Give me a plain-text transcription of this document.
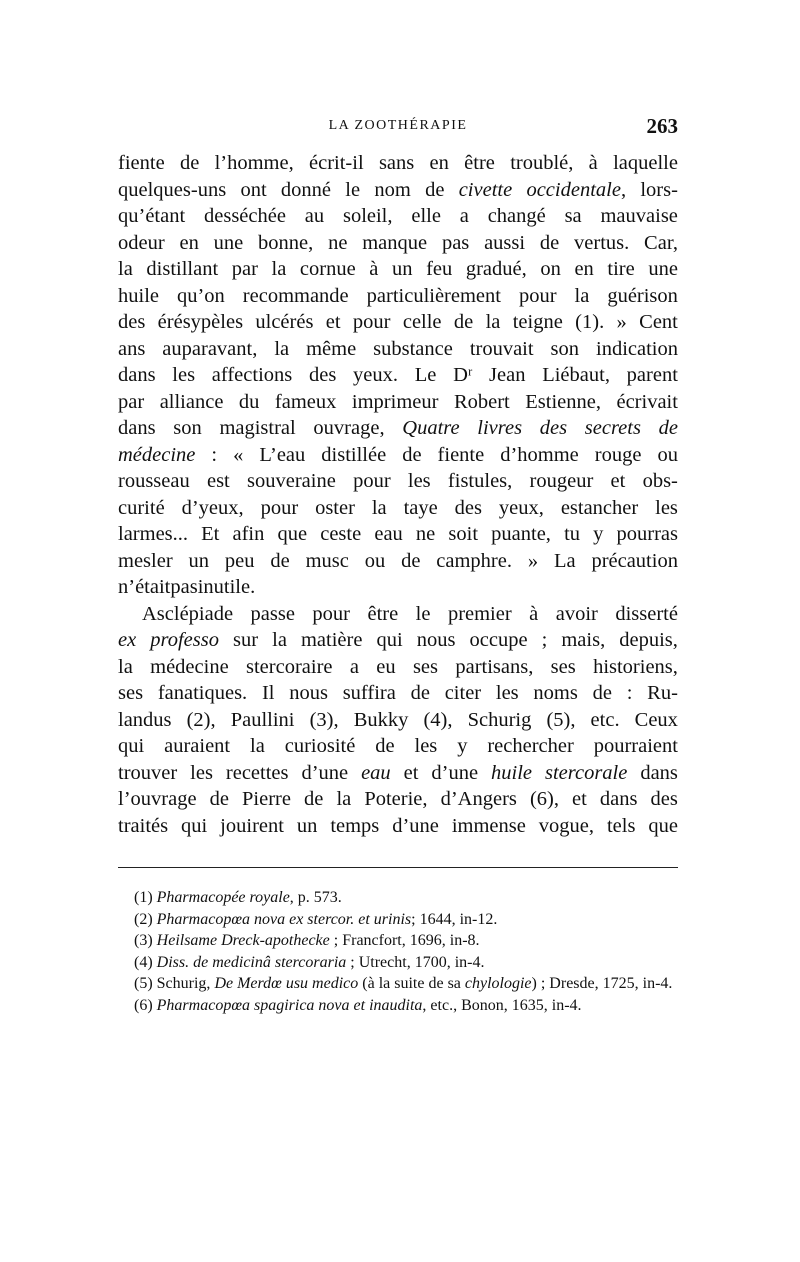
LA ZOOTHÉRAPIE	263
fiente de l’homme, écrit-il sans en être troublé, à laquelle
quelques-uns ont donné le nom de civette occidentale, lors-
qu’étant desséchée au soleil, elle a changé sa mauvaise
odeur en une bonne, ne manque pas aussi de vertus. Car,
la distillant par la cornue à un feu gradué, on en tire une
huile qu’on recommande particulièrement pour la guérison
des érésypèles ulcérés et pour celle de la teigne (1). » Cent
ans auparavant, la même substance trouvait son indication
dans les affections des yeux. Le Dʳ Jean Liébaut, parent
par alliance du fameux imprimeur Robert Estienne, écrivait
dans son magistral ouvrage, Quatre livres des secrets de
médecine : « L’eau distillée de fiente d’homme rouge ou
rousseau est souveraine pour les fistules, rougeur et obs-
curité d’yeux, pour oster la taye des yeux, estancher les
larmes... Et afin que ceste eau ne soit puante, tu y pourras
mesler un peu de musc ou de camphre. » La précaution
n’était pas inutile.
Asclépiade passe pour être le premier à avoir disserté
ex professo sur la matière qui nous occupe ; mais, depuis,
la médecine stercoraire a eu ses partisans, ses historiens,
ses fanatiques. Il nous suffira de citer les noms de : Ru-
landus (2), Paullini (3), Bukky (4), Schurig (5), etc. Ceux
qui auraient la curiosité de les y rechercher pourraient
trouver les recettes d’une eau et d’une huile stercorale dans
l’ouvrage de Pierre de la Poterie, d’Angers (6), et dans des
traités qui jouirent un temps d’une immense vogue, tels que
(1) Pharmacopée royale, p. 573.
(2) Pharmacopœa nova ex stercor. et urinis; 1644, in-12.
(3) Heilsame Dreck-apothecke ; Francfort, 1696, in-8.
(4) Diss. de medicinâ stercoraria ; Utrecht, 1700, in-4.
(5) Schurig, De Merdœ usu medico (à la suite de sa chylologie) ; Dresde, 1725, in-4.
(6) Pharmacopœa spagirica nova et inaudita, etc., Bonon, 1635, in-4.
